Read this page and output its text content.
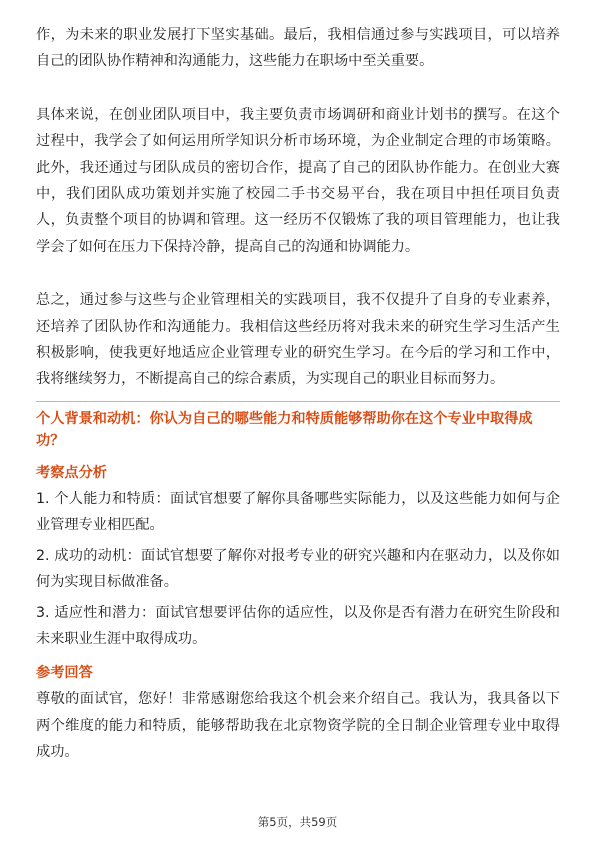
作，为未来的职业发展打下坚实基础。最后，我相信通过参与实践项目，可以培养自己的团队协作精神和沟通能力，这些能力在职场中至关重要。

具体来说，在创业团队项目中，我主要负责市场调研和商业计划书的撰写。在这个过程中，我学会了如何运用所学知识分析市场环境，为企业制定合理的市场策略。此外，我还通过与团队成员的密切合作，提高了自己的团队协作能力。在创业大赛中，我们团队成功策划并实施了校园二手书交易平台，我在项目中担任项目负责人，负责整个项目的协调和管理。这一经历不仅锻炼了我的项目管理能力，也让我学会了如何在压力下保持冷静，提高自己的沟通和协调能力。

总之，通过参与这些与企业管理相关的实践项目，我不仅提升了自身的专业素养，还培养了团队协作和沟通能力。我相信这些经历将对我未来的研究生学习生活产生积极影响，使我更好地适应企业管理专业的研究生学习。在今后的学习和工作中，我将继续努力，不断提高自己的综合素质，为实现自己的职业目标而努力。

个人背景和动机：你认为自己的哪些能力和特质能够帮助你在这个专业中取得成功？

考察点分析

1. 个人能力和特质：面试官想要了解你具备哪些实际能力，以及这些能力如何与企业管理专业相匹配。

2. 成功的动机：面试官想要了解你对报考专业的研究兴趣和内在驱动力，以及你如何为实现目标做准备。

3. 适应性和潜力：面试官想要评估你的适应性，以及你是否有潜力在研究生阶段和未来职业生涯中取得成功。

参考回答

尊敬的面试官，您好！非常感谢您给我这个机会来介绍自己。我认为，我具备以下两个维度的能力和特质，能够帮助我在北京物资学院的全日制企业管理专业中取得成功。

第5页，共59页
